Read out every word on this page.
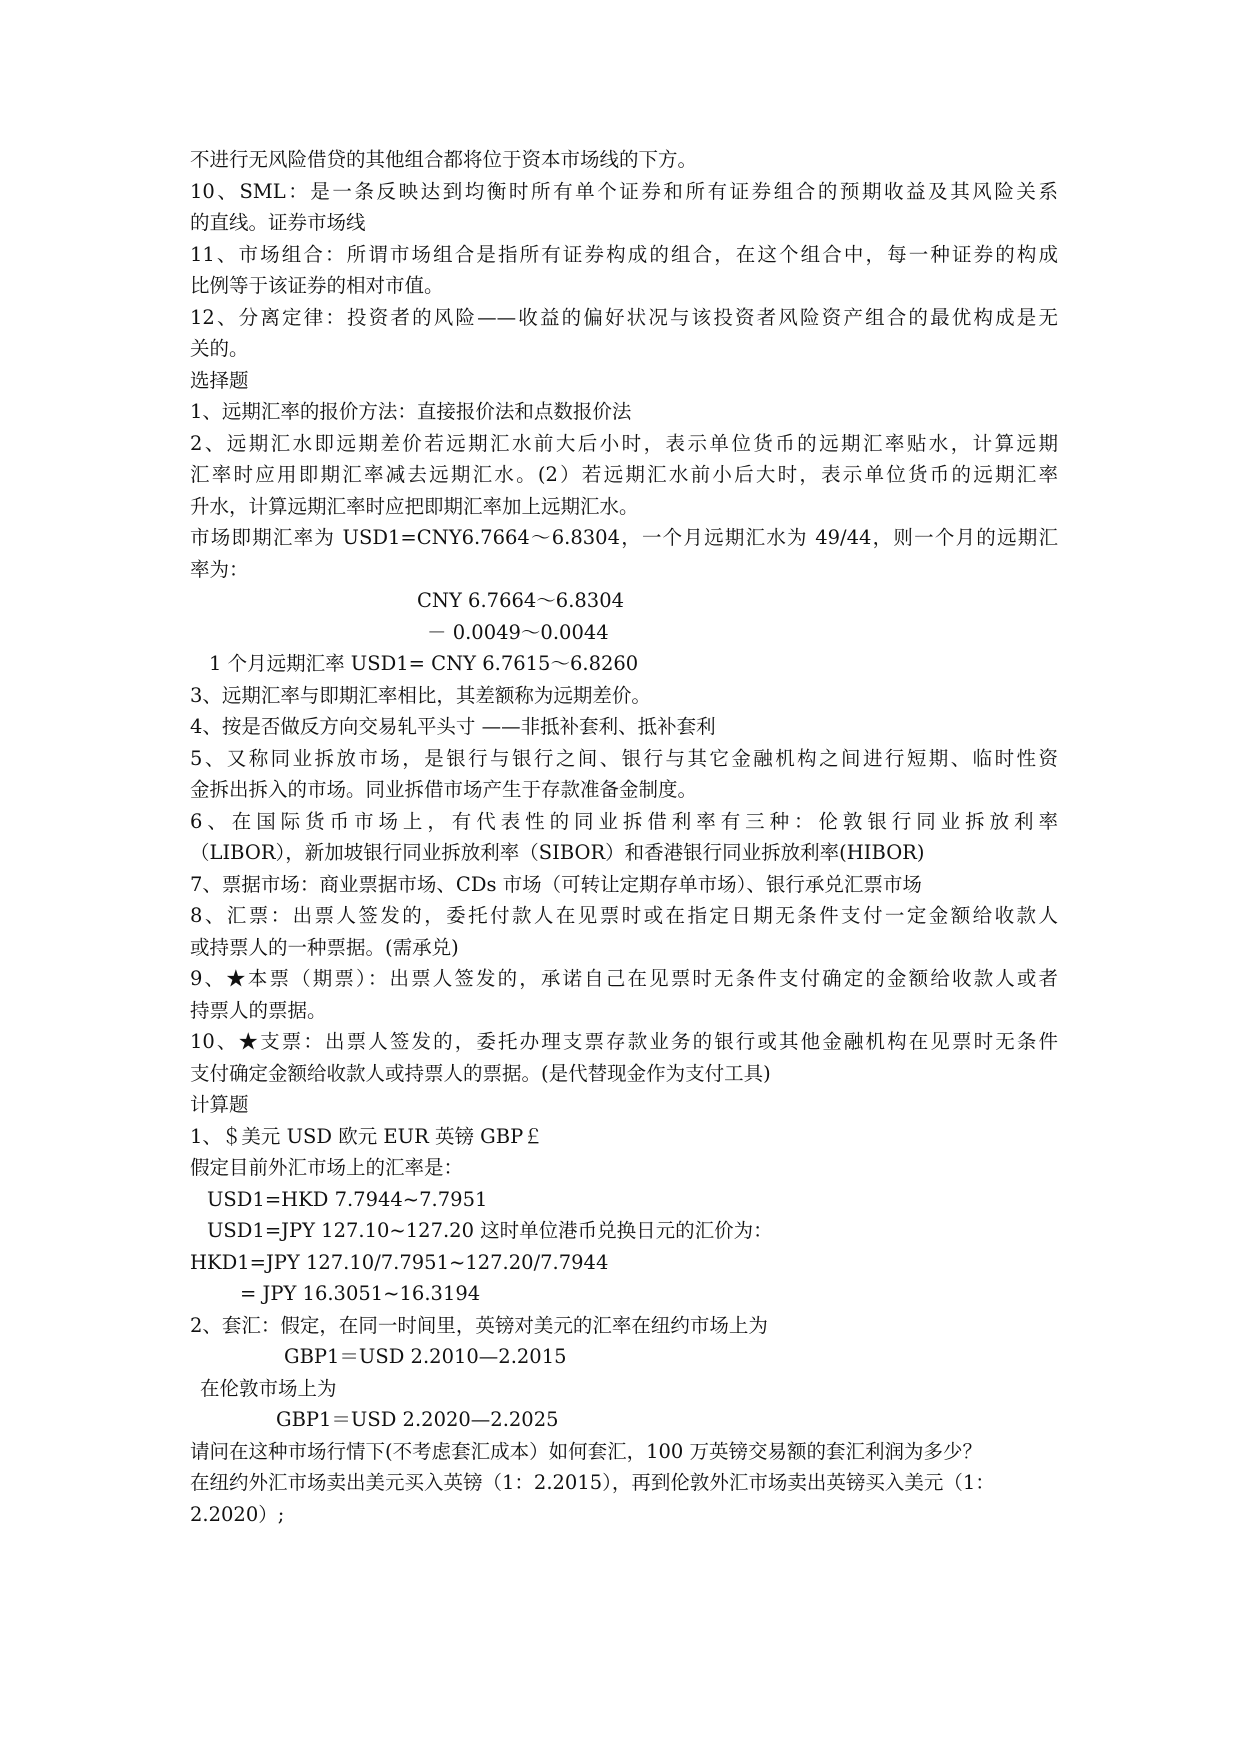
不进行无风险借贷的其他组合都将位于资本市场线的下方。
10、SML：是一条反映达到均衡时所有单个证券和所有证券组合的预期收益及其风险关系
的直线。证券市场线
11、市场组合：所谓市场组合是指所有证券构成的组合，在这个组合中，每一种证券的构成
比例等于该证券的相对市值。
12、分离定律：投资者的风险——收益的偏好状况与该投资者风险资产组合的最优构成是无
关的。
选择题
1、远期汇率的报价方法：直接报价法和点数报价法
2、远期汇水即远期差价若远期汇水前大后小时，表示单位货币的远期汇率贴水，计算远期
汇率时应用即期汇率减去远期汇水。(2）若远期汇水前小后大时，表示单位货币的远期汇率
升水，计算远期汇率时应把即期汇率加上远期汇水。
市场即期汇率为 USD1=CNY6.7664～6.8304，一个月远期汇水为 49/44，则一个月的远期汇
率为：
CNY 6.7664～6.8304
－ 0.0049～0.0044
1 个月远期汇率 USD1= CNY 6.7615～6.8260
3、远期汇率与即期汇率相比，其差额称为远期差价。
4、按是否做反方向交易轧平头寸 ——非抵补套利、抵补套利
5、又称同业拆放市场，是银行与银行之间、银行与其它金融机构之间进行短期、临时性资
金拆出拆入的市场。同业拆借市场产生于存款准备金制度。
6、在国际货币市场上，有代表性的同业拆借利率有三种：伦敦银行同业拆放利率
（LIBOR），新加坡银行同业拆放利率（SIBOR）和香港银行同业拆放利率(HIBOR)
7、票据市场：商业票据市场、CDs 市场（可转让定期存单市场）、银行承兑汇票市场
8、汇票：出票人签发的，委托付款人在见票时或在指定日期无条件支付一定金额给收款人
或持票人的一种票据。(需承兑)
9、★本票（期票）：出票人签发的，承诺自己在见票时无条件支付确定的金额给收款人或者
持票人的票据。
10、★支票：出票人签发的，委托办理支票存款业务的银行或其他金融机构在见票时无条件
支付确定金额给收款人或持票人的票据。(是代替现金作为支付工具)
计算题
1、＄美元 USD 欧元 EUR 英镑 GBP￡
假定目前外汇市场上的汇率是：
USD1=HKD 7.7944~7.7951
USD1=JPY 127.10~127.20 这时单位港币兑换日元的汇价为：
HKD1=JPY 127.10/7.7951~127.20/7.7944
= JPY 16.3051~16.3194
2、套汇：假定，在同一时间里，英镑对美元的汇率在纽约市场上为
GBP1＝USD 2.2010—2.2015
在伦敦市场上为
GBP1＝USD 2.2020—2.2025
请问在这种市场行情下(不考虑套汇成本）如何套汇，100 万英镑交易额的套汇利润为多少？
在纽约外汇市场卖出美元买入英镑（1：2.2015），再到伦敦外汇市场卖出英镑买入美元（1：
2.2020）;
